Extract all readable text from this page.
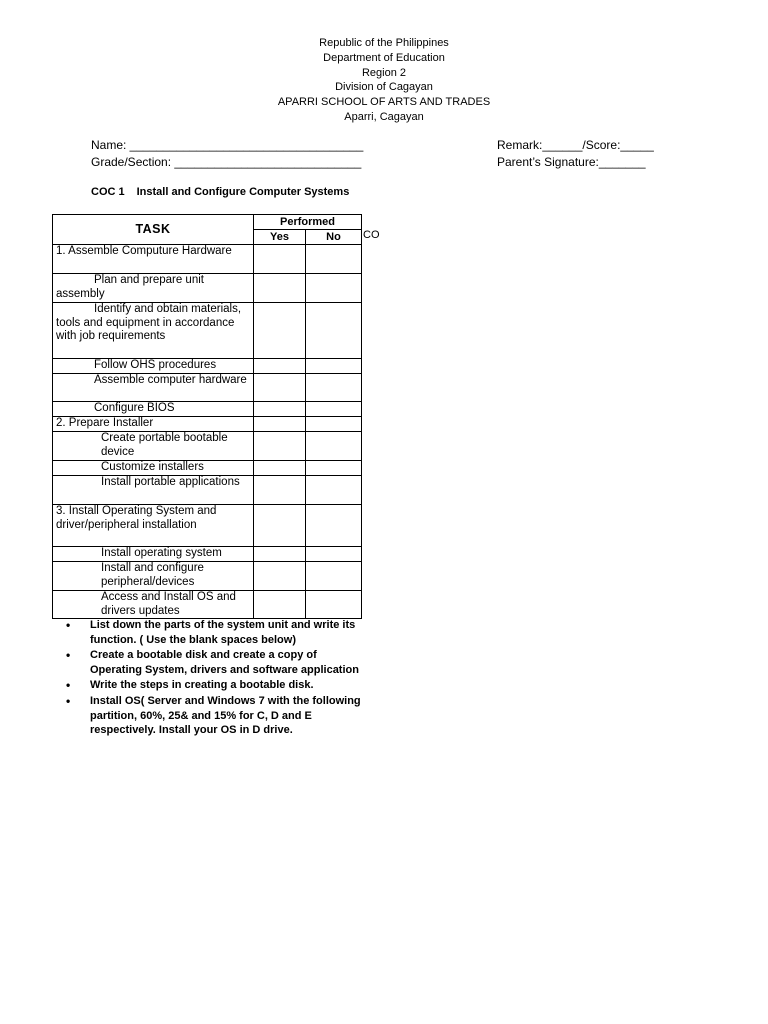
Republic of the Philippines
Department of Education
Region 2
Division of Cagayan
APARRI SCHOOL OF ARTS AND TRADES
Aparri, Cagayan
Name: ___________________________________	Remark:______/Score:_____
Grade/Section: ____________________________	Parent’s Signature:_______
COC 1 Install and Configure Computer Systems
TASK	Performed	
	Yes	No
1. Assemble Computure Hardware		
Plan and prepare unit assembly		
Identify and obtain materials, tools and equipment in accordance with job requirements		
Follow OHS procedures		
Assemble computer hardware		
Configure BIOS		
2. Prepare Installer		
Create portable bootable device		
Customize installers		
Install portable applications		
3. Install Operating System and driver/peripheral installation		
Install operating system		
Install and configure peripheral/devices		
Access and Install OS and drivers updates		
CO
• List down the parts of the system unit and write its function. ( Use the blank spaces below)
• Create a bootable disk and create a copy of Operating System, drivers and software application
• Write the steps in creating a bootable disk.
• Install OS( Server and Windows 7 with the following partition, 60%, 25& and 15% for C, D and E respectively. Install your OS in D drive.
